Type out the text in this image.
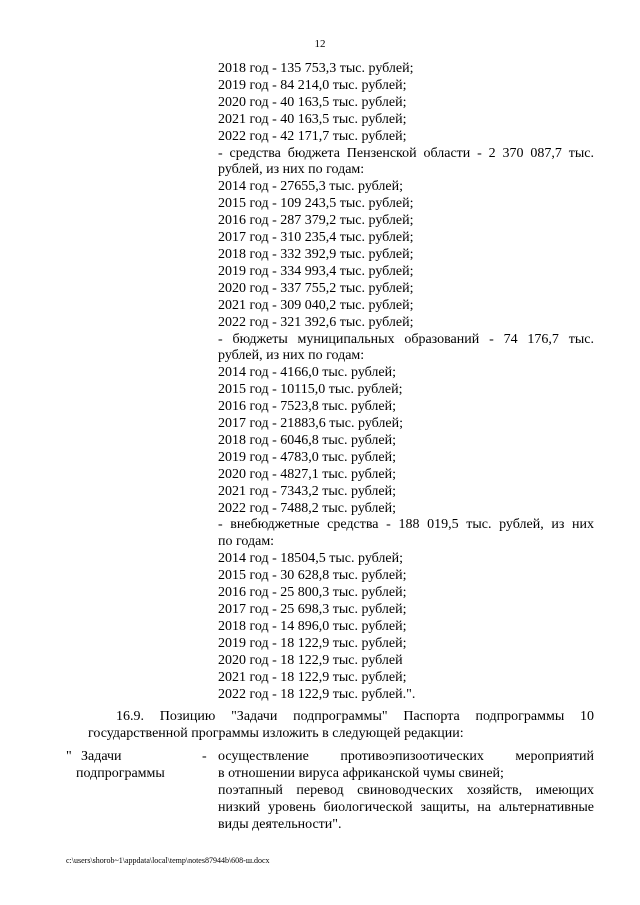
12
2018 год - 135 753,3 тыс. рублей;
2019 год - 84 214,0 тыс. рублей;
2020 год - 40 163,5 тыс. рублей;
2021 год - 40 163,5 тыс. рублей;
2022 год - 42 171,7 тыс. рублей;
- средства бюджета Пензенской области - 2 370 087,7 тыс.
рублей, из них по годам:
2014 год - 27655,3 тыс. рублей;
2015 год - 109 243,5 тыс. рублей;
2016 год - 287 379,2 тыс. рублей;
2017 год - 310 235,4 тыс. рублей;
2018 год - 332 392,9 тыс. рублей;
2019 год - 334 993,4 тыс. рублей;
2020 год - 337 755,2 тыс. рублей;
2021 год - 309 040,2 тыс. рублей;
2022 год - 321 392,6 тыс. рублей;
- бюджеты муниципальных образований - 74 176,7 тыс.
рублей, из них по годам:
2014 год - 4166,0 тыс. рублей;
2015 год - 10115,0 тыс. рублей;
2016 год - 7523,8 тыс. рублей;
2017 год - 21883,6 тыс. рублей;
2018 год - 6046,8 тыс. рублей;
2019 год - 4783,0 тыс. рублей;
2020 год - 4827,1 тыс. рублей;
2021 год - 7343,2 тыс. рублей;
2022 год - 7488,2 тыс. рублей;
- внебюджетные средства - 188 019,5 тыс. рублей, из них
по годам:
2014 год - 18504,5 тыс. рублей;
2015 год - 30 628,8 тыс. рублей;
2016 год - 25 800,3 тыс. рублей;
2017 год - 25 698,3 тыс. рублей;
2018 год - 14 896,0 тыс. рублей;
2019 год - 18 122,9 тыс. рублей;
2020 год - 18 122,9 тыс. рублей
2021 год - 18 122,9 тыс. рублей;
2022 год - 18 122,9 тыс. рублей.".
16.9. Позицию "Задачи подпрограммы" Паспорта подпрограммы 10
государственной программы изложить в следующей редакции:
" Задачи
подпрограммы
- осуществление противоэпизоотических мероприятий
в отношении вируса африканской чумы свиней;
поэтапный перевод свиноводческих хозяйств, имеющих
низкий уровень биологической защиты, на альтернативные
виды деятельности".
c:\users\shorob~1\appdata\local\temp\notes87944b\608-ш.docx
